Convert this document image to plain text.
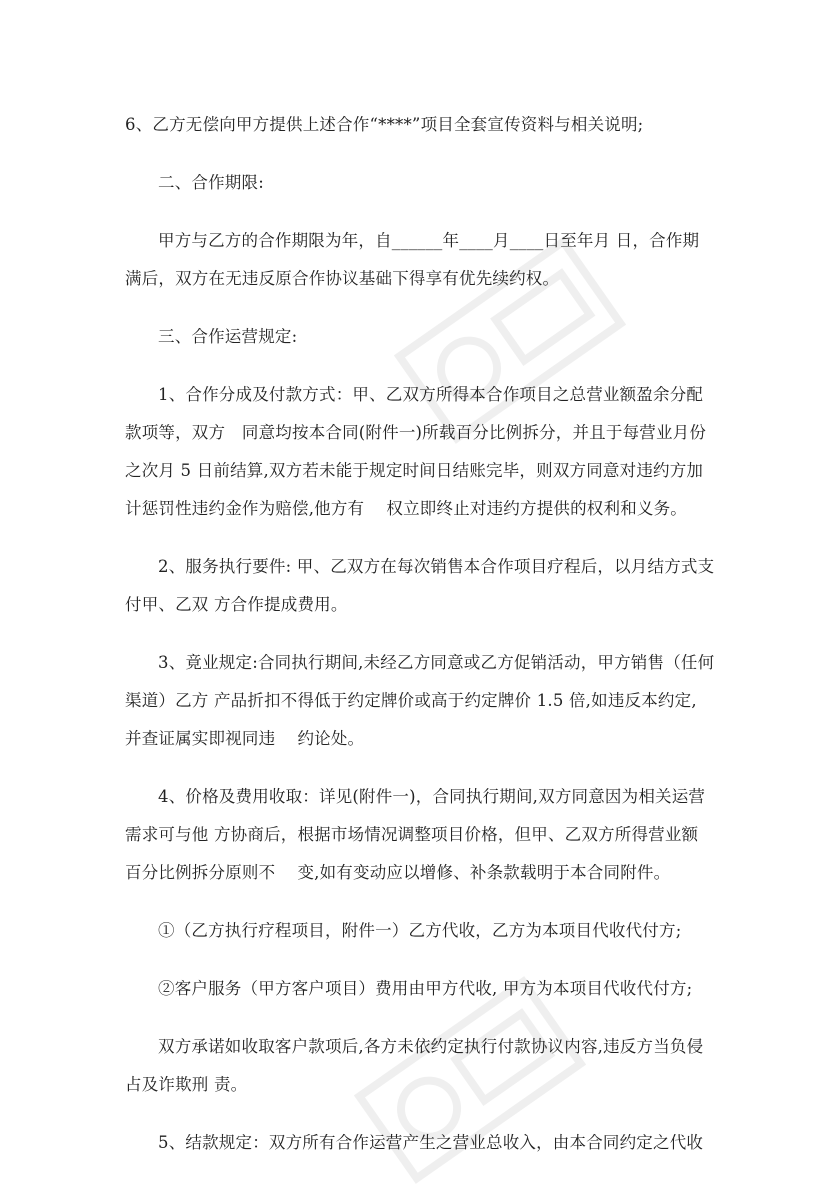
6、乙方无偿向甲方提供上述合作“****”项目全套宣传资料与相关说明;
二、合作期限:
甲方与乙方的合作期限为年，自______年____月____日至年月 日，合作期
满后，双方在无违反原合作协议基础下得享有优先续约权。
三、合作运营规定:
1、合作分成及付款方式：甲、乙双方所得本合作项目之总营业额盈余分配
款项等，双方　同意均按本合同(附件一)所载百分比例拆分，并且于每营业月份
之次月 5 日前结算,双方若未能于规定时间日结账完毕，则双方同意对违约方加
计惩罚性违约金作为赔偿,他方有　 权立即终止对违约方提供的权利和义务。
2、服务执行要件: 甲、乙双方在每次销售本合作项目疗程后，以月结方式支
付甲、乙双 方合作提成费用。
3、竟业规定:合同执行期间,未经乙方同意或乙方促销活动，甲方销售（任何
渠道）乙方 产品折扣不得低于约定牌价或高于约定牌价 1.5 倍,如违反本约定,
并查证属实即视同违　 约论处。
4、价格及费用收取：详见(附件一)，合同执行期间,双方同意因为相关运营
需求可与他 方协商后，根据市场情况调整项目价格，但甲、乙双方所得营业额
百分比例拆分原则不　 变,如有变动应以增修、补条款载明于本合同附件。
①（乙方执行疗程项目，附件一）乙方代收，乙方为本项目代收代付方;
②客户服务（甲方客户项目）费用由甲方代收, 甲方为本项目代收代付方;
双方承诺如收取客户款项后,各方未依约定执行付款协议内容,违反方当负侵
占及诈欺刑 责。
5、结款规定：双方所有合作运营产生之营业总收入，由本合同约定之代收
